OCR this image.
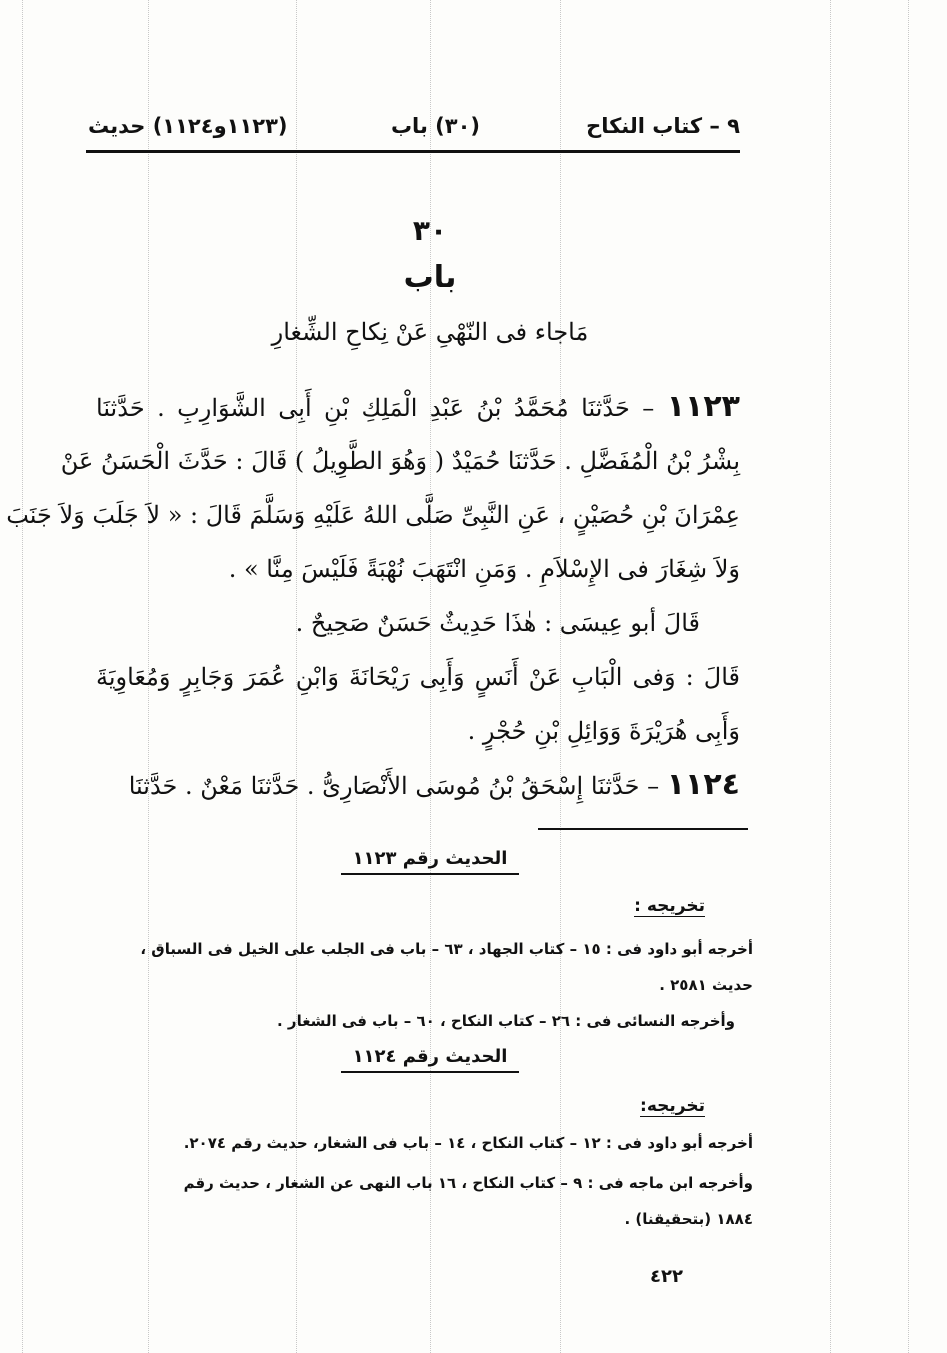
٩ – كتاب النكاح
(٣٠) باب
(١١٢٣و١١٢٤) حديث
٣٠
باب
مَاجاء فى النّهْىِ عَنْ نِكاحِ الشِّغارِ
١١٢٣ – حَدَّثنَا مُحَمَّدُ بْنُ عَبْدِ الْمَلِكِ بْنِ أَبِى الشَّوَارِبِ . حَدَّثنَا
بِشْرُ بْنُ الْمُفَضَّلِ . حَدَّثنَا حُمَيْدٌ ( وَهُوَ الطَّوِيلُ ) قَالَ : حَدَّثَ الْحَسَنُ عَنْ
عِمْرَانَ بْنِ حُصَيْنٍ ، عَنِ النَّبِىِّ صَلَّى اللهُ عَلَيْهِ وَسَلَّمَ قَالَ : « لاَ جَلَبَ وَلاَ جَنَبَ
وَلاَ شِغَارَ فى الإِسْلاَمِ . وَمَنِ انْتَهَبَ نُهْبَةً فَلَيْسَ مِنَّا » .
قَالَ أبو عِيسَى : هٰذَا حَدِيثٌ حَسَنٌ صَحِيحٌ .
قَالَ : وَفى الْبَابِ عَنْ أَنَسٍ وَأَبِى رَيْحَانَةَ وَابْنِ عُمَرَ وَجَابِرٍ وَمُعَاوِيَةَ
وَأَبِى هُرَيْرَةَ وَوَائِلِ بْنِ حُجْرٍ .
١١٢٤ – حَدَّثنَا إِسْحَقُ بْنُ مُوسَى الأَنْصَارِىُّ . حَدَّثنَا مَعْنٌ . حَدَّثنَا
الحديث رقم ١١٢٣
تخريجه :
أخرجه أبو داود فى : ١٥ – كتاب الجهاد ، ٦٣ – باب فى الجلب على الخيل فى السباق ،
حديث ٢٥٨١ .
وأخرجه النسائى فى : ٢٦ – كتاب النكاح ، ٦٠ – باب فى الشغار .
الحديث رقم ١١٢٤
تخريجه:
أخرجه أبو داود فى : ١٢ – كتاب النكاح ، ١٤ – باب فى الشغار، حديث رقم ٢٠٧٤.
وأخرجه ابن ماجه فى : ٩ – كتاب النكاح ، ١٦ باب النهى عن الشغار ، حديث رقم
١٨٨٤ (بتحقيقنا) .
٤٢٢
